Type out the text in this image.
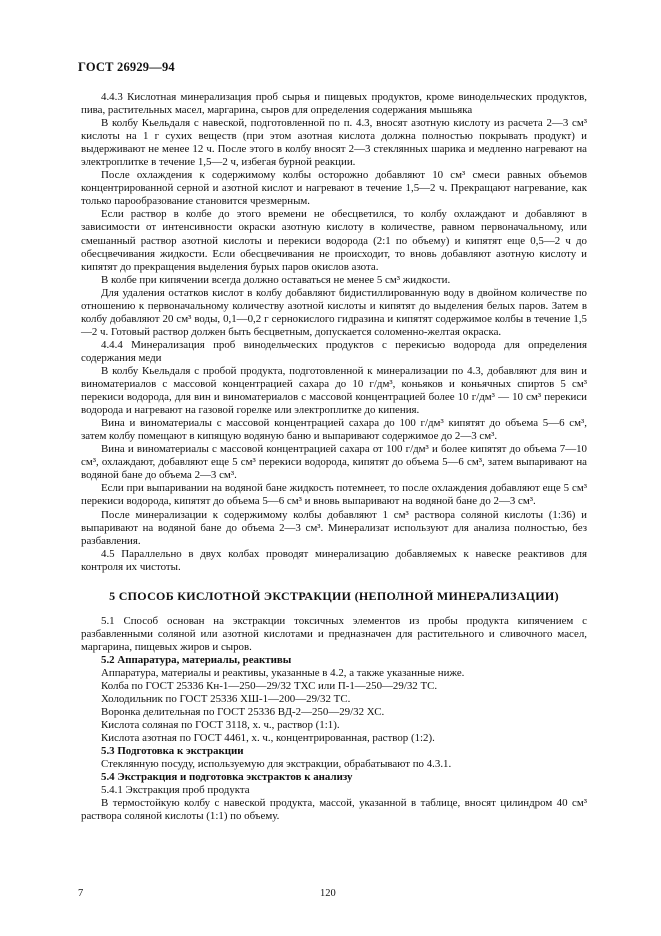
ГОСТ 26929—94

4.4.3 Кислотная минерализация проб сырья и пищевых продуктов, кроме винодельческих продуктов, пива, растительных масел, маргарина, сыров для определения содержания мышьяка

В колбу Кьельдаля с навеской, подготовленной по п. 4.3, вносят азотную кислоту из расчета 2—3 см³ кислоты на 1 г сухих веществ (при этом азотная кислота должна полностью покрывать продукт) и выдерживают не менее 12 ч. После этого в колбу вносят 2—3 стеклянных шарика и медленно нагревают на электроплитке в течение 1,5—2 ч, избегая бурной реакции.

После охлаждения к содержимому колбы осторожно добавляют 10 см³ смеси равных объемов концентрированной серной и азотной кислот и нагревают в течение 1,5—2 ч. Прекращают нагревание, как только парообразование становится чрезмерным.

Если раствор в колбе до этого времени не обесцветился, то колбу охлаждают и добавляют в зависимости от интенсивности окраски азотную кислоту в количестве, равном первоначальному, или смешанный раствор азотной кислоты и перекиси водорода (2:1 по объему) и кипятят еще 0,5—2 ч до обесцвечивания жидкости. Если обесцвечивания не происходит, то вновь добавляют азотную кислоту и кипятят до прекращения выделения бурых паров окислов азота.

В колбе при кипячении всегда должно оставаться не менее 5 см³ жидкости.

Для удаления остатков кислот в колбу добавляют бидистиллированную воду в двойном количестве по отношению к первоначальному количеству азотной кислоты и кипятят до выделения белых паров. Затем в колбу добавляют 20 см³ воды, 0,1—0,2 г сернокислого гидразина и кипятят содержимое колбы в течение 1,5—2 ч. Готовый раствор должен быть бесцветным, допускается соломенно-желтая окраска.

4.4.4 Минерализация проб винодельческих продуктов с перекисью водорода для определения содержания меди

В колбу Кьельдаля с пробой продукта, подготовленной к минерализации по 4.3, добавляют для вин и виноматериалов с массовой концентрацией сахара до 10 г/дм³, коньяков и коньячных спиртов 5 см³ перекиси водорода, для вин и виноматериалов с массовой концентрацией более 10 г/дм³ — 10 см³ перекиси водорода и нагревают на газовой горелке или электроплитке до кипения.

Вина и виноматериалы с массовой концентрацией сахара до 100 г/дм³ кипятят до объема 5—6 см³, затем колбу помещают в кипящую водяную баню и выпаривают содержимое до 2—3 см³.

Вина и виноматериалы с массовой концентрацией сахара от 100 г/дм³ и более кипятят до объема 7—10 см³, охлаждают, добавляют еще 5 см³ перекиси водорода, кипятят до объема 5—6 см³, затем выпаривают на водяной бане до объема 2—3 см³.

Если при выпаривании на водяной бане жидкость потемнеет, то после охлаждения добавляют еще 5 см³ перекиси водорода, кипятят до объема 5—6 см³ и вновь выпаривают на водяной бане до 2—3 см³.

После минерализации к содержимому колбы добавляют 1 см³ раствора соляной кислоты (1:36) и выпаривают на водяной бане до объема 2—3 см³. Минерализат используют для анализа полностью, без разбавления.

4.5 Параллельно в двух колбах проводят минерализацию добавляемых к навеске реактивов для контроля их чистоты.

5 СПОСОБ КИСЛОТНОЙ ЭКСТРАКЦИИ (НЕПОЛНОЙ МИНЕРАЛИЗАЦИИ)

5.1 Способ основан на экстракции токсичных элементов из пробы продукта кипячением с разбавленными соляной или азотной кислотами и предназначен для растительного и сливочного масел, маргарина, пищевых жиров и сыров.

5.2 Аппаратура, материалы, реактивы

Аппаратура, материалы и реактивы, указанные в 4.2, а также указанные ниже.

Колба по ГОСТ 25336 Кн-1—250—29/32 ТХС или П-1—250—29/32 ТС.

Холодильник по ГОСТ 25336 ХШ-1—200—29/32 ТС.

Воронка делительная по ГОСТ 25336 ВД-2—250—29/32 ХС.

Кислота соляная по ГОСТ 3118, х. ч., раствор (1:1).

Кислота азотная по ГОСТ 4461, х. ч., концентрированная, раствор (1:2).

5.3 Подготовка к экстракции

Стеклянную посуду, используемую для экстракции, обрабатывают по 4.3.1.

5.4 Экстракция и подготовка экстрактов к анализу

5.4.1 Экстракция проб продукта

В термостойкую колбу с навеской продукта, массой, указанной в таблице, вносят цилиндром 40 см³ раствора соляной кислоты (1:1) по объему.

7	120
